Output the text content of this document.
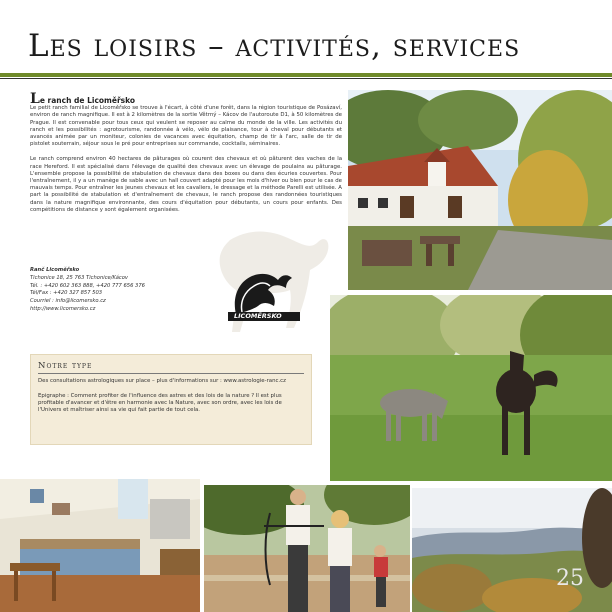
Les loisirs – activités, services
Le ranch de Licoměřsko

Le petit ranch familial de Licoměřsko se trouve à l'écart, à côté d'une forêt, dans la région touristique de Posázaví, environ de ranch magnifique. Il est à 2 kilomètres de la sortie Větrný – Kácov de l'autoroute D1, à 50 kilomètres de Prague. Il est convenable pour tous ceux qui veulent se reposer au calme du monde de la ville. Les activités du ranch et les possibilités : agrotourisme, randonnée à vélo, vélo de plaisance, tour à cheval pour débutants et avancés animée par un moniteur, colonies de vacances avec équitation, champ de tir à l'arc, salle de tir de pistolet souterrain, séjour sous le pré pour entreprises sur commande, cocktails, séminaires.

Le ranch comprend environ 40 hectares de pâturages où courent des chevaux et où pâturent des vaches de la race Hereford. Il est spécialisé dans l'élevage de qualité des chevaux avec un élevage de poulains au pâturage. L'ensemble propose la possibilité de stabulation de chevaux dans des boxes ou dans des écuries couvertes. Pour l'entraînement, il y a un manège de sable avec un hall couvert adapté pour les mois d'hiver ou bien pour le cas de mauvais temps. Pour entraîner les jeunes chevaux et les cavaliers, le dressage et la méthode Parelli est utilisée. A part la possibilité de stabulation et d'entraînement de chevaux, le ranch propose des randonnées touristiques dans la nature magnifique environnante, des cours d'équitation pour débutants, un cours pour enfants. Des compétitions de distance y sont également organisées.

Ranč Licoměřsko
Tichonice 18, 25 763 Tichonice/Kácov
Tél. : +420 602 363 888, +420 777 656 376
Tél/Fax : +420 327 857 503
Courriel : info@licomersko.cz
http://www.licomersko.cz
LICOMĚRSKO
Notre type

Des consultations astrologiques sur place – plus d'informations sur : www.astrologie-ranc.cz

Epigraphe : Comment profiter de l'influence des astres et des lois de la nature ? Il est plus profitable d'avancer et d'être en harmonie avec la Nature, avec son ordre, avec les lois de l'Univers et maîtriser ainsi sa vie qui fait partie de tout cela.

25
